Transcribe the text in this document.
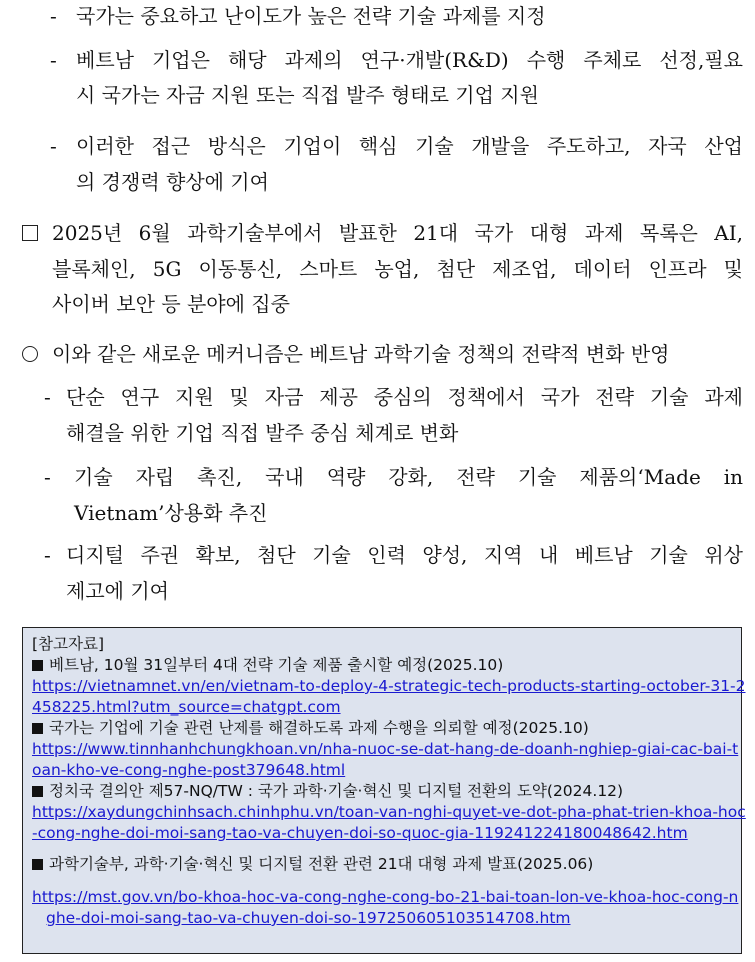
- 국가는 중요하고 난이도가 높은 전략 기술 과제를 지정
- 베트남 기업은 해당 과제의 연구·개발(R&D) 수행 주체로 선정,필요
시 국가는 자금 지원 또는 직접 발주 형태로 기업 지원
- 이러한 접근 방식은 기업이 핵심 기술 개발을 주도하고, 자국 산업
의 경쟁력 향상에 기여
2025년 6월 과학기술부에서 발표한 21대 국가 대형 과제 목록은 AI,
블록체인, 5G 이동통신, 스마트 농업, 첨단 제조업, 데이터 인프라 및
사이버 보안 등 분야에 집중
이와 같은 새로운 메커니즘은 베트남 과학기술 정책의 전략적 변화 반영
- 단순 연구 지원 및 자금 제공 중심의 정책에서 국가 전략 기술 과제
해결을 위한 기업 직접 발주 중심 체계로 변화
- 기술 자립 촉진, 국내 역량 강화, 전략 기술 제품의‘Made in
Vietnam’상용화 추진
- 디지털 주권 확보, 첨단 기술 인력 양성, 지역 내 베트남 기술 위상
제고에 기여
[참고자료]
베트남, 10월 31일부터 4대 전략 기술 제품 출시할 예정(2025.10)
https://vietnamnet.vn/en/vietnam-to-deploy-4-strategic-tech-products-starting-october-31-2
458225.html?utm_source=chatgpt.com
국가는 기업에 기술 관련 난제를 해결하도록 과제 수행을 의뢰할 예정(2025.10)
https://www.tinnhanhchungkhoan.vn/nha-nuoc-se-dat-hang-de-doanh-nghiep-giai-cac-bai-t
oan-kho-ve-cong-nghe-post379648.html
정치국 결의안 제57-NQ/TW : 국가 과학·기술·혁신 및 디지털 전환의 도약(2024.12)
https://xaydungchinhsach.chinhphu.vn/toan-van-nghi-quyet-ve-dot-pha-phat-trien-khoa-hoc
-cong-nghe-doi-moi-sang-tao-va-chuyen-doi-so-quoc-gia-119241224180048642.htm
과학기술부, 과학·기술·혁신 및 디지털 전환 관련 21대 대형 과제 발표(2025.06)
https://mst.gov.vn/bo-khoa-hoc-va-cong-nghe-cong-bo-21-bai-toan-lon-ve-khoa-hoc-cong-n
ghe-doi-moi-sang-tao-va-chuyen-doi-so-197250605103514708.htm
